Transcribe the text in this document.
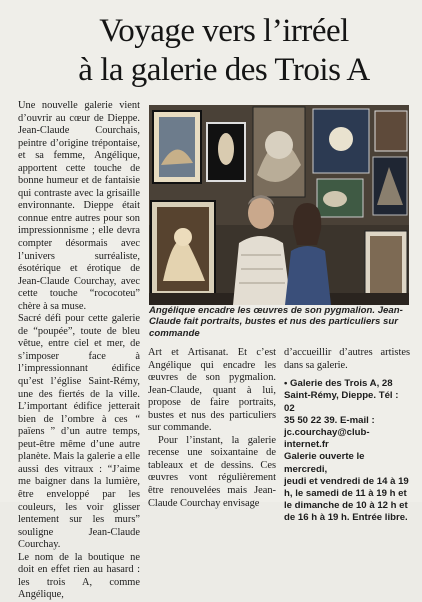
Voyage vers l’irréel
à la galerie des Trois A

Une nouvelle galerie vient d’ouvrir au cœur de Dieppe. Jean-Claude Courchais, peintre d’origine trépontaise, et sa femme, Angélique, apportent cette touche de bonne humeur et de fantaisie qui contraste avec la grisaille environnante. Dieppe était connue entre autres pour son impressionnisme ; elle devra compter désormais avec l’univers surréaliste, ésotérique et érotique de Jean-Claude Courchay, avec cette touche “rococoteu” chère à sa muse.

Sacré défi pour cette galerie de “poupée”, toute de bleu vêtue, entre ciel et mer, de s’imposer face à l’impressionnant édifice qu’est l’église Saint-Rémy, une des fiertés de la ville. L’important édifice jetterait bien de l’ombre à ces “ païens ” d’un autre temps, peut-être même d’une autre planète. Mais la galerie a elle aussi des vitraux : “J’aime me baigner dans la lumière, être enveloppé par les couleurs, les voir glisser lentement sur les murs” souligne Jean-Claude Courchay.

Le nom de la boutique ne doit en effet rien au hasard : les trois A, comme Angélique,

Angélique encadre les œuvres de son pygmalion. Jean-Claude fait portraits, bustes et nus des particuliers sur commande

Art et Artisanat. Et c’est Angélique qui encadre les œuvres de son pygmalion. Jean-Claude, quant à lui, propose de faire portraits, bustes et nus des particuliers sur commande.

Pour l’instant, la galerie recense une soixantaine de tableaux et de dessins. Ces œuvres vont régulièrement être renouvelées mais Jean-Claude Courchay envisage

d’accueillir d’autres artistes dans sa galerie.

• Galerie des Trois A, 28
Saint-Rémy, Dieppe. Tél : 02
35 50 22 39. E-mail :
jc.courchay@club-internet.fr
Galerie ouverte le mercredi,
jeudi et vendredi de 14 à 19
h, le samedi de 11 à 19 h et
le dimanche de 10 à 12 h et
de 16 h à 19 h. Entrée libre.
